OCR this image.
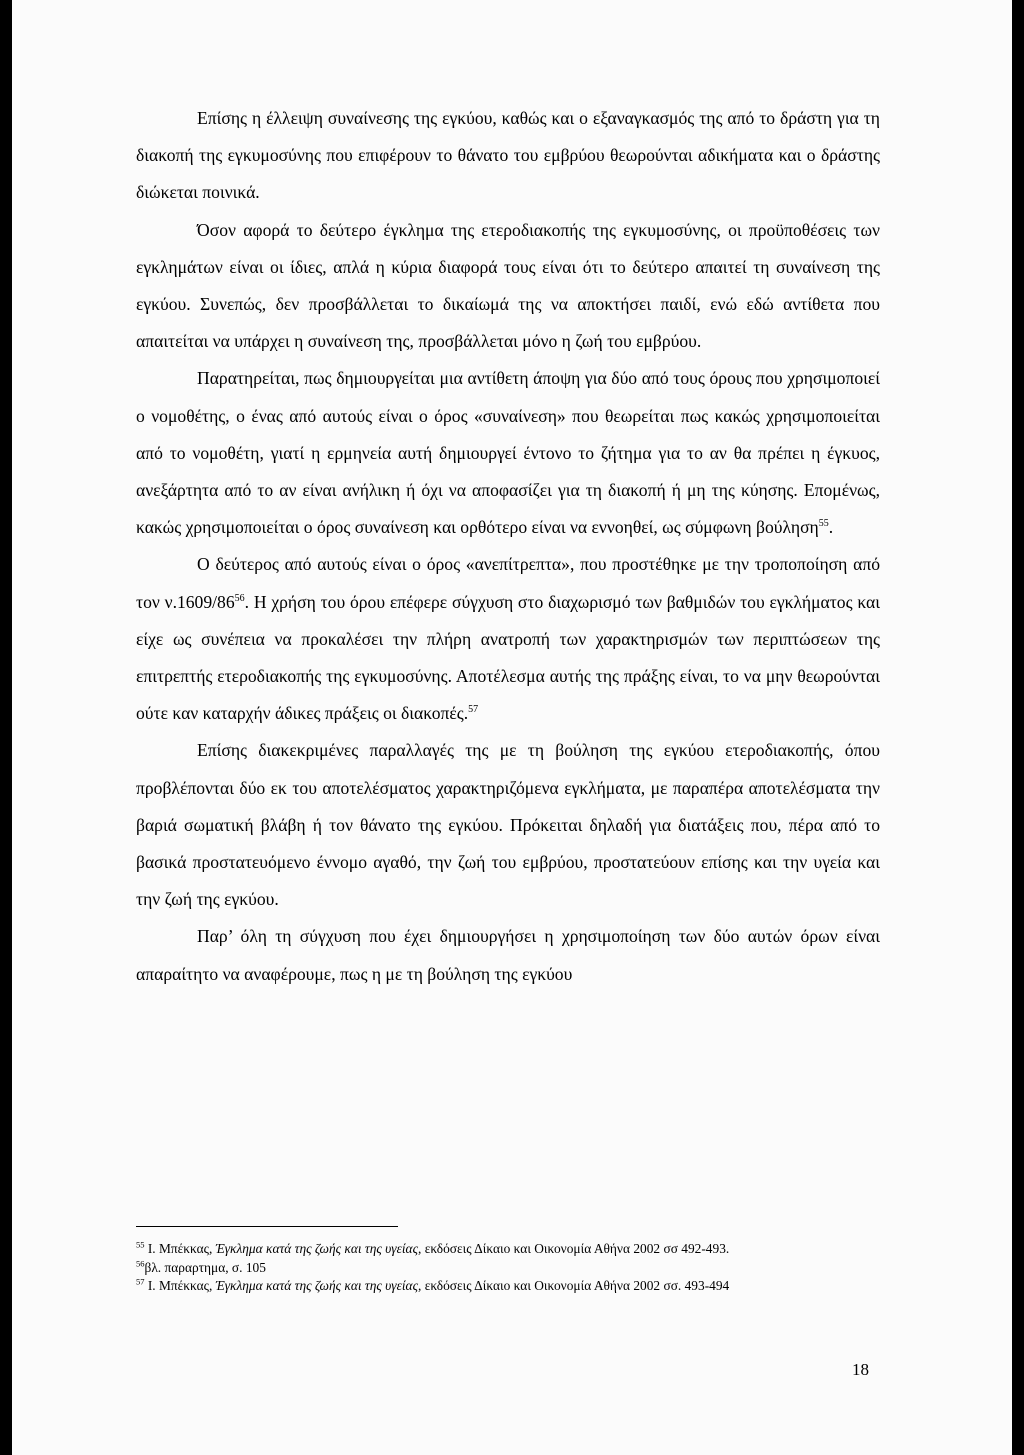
Επίσης η έλλειψη συναίνεσης της εγκύου, καθώς και ο εξαναγκασμός της από το δράστη για τη διακοπή της εγκυμοσύνης που επιφέρουν το θάνατο του εμβρύου θεωρούνται αδικήματα και ο δράστης διώκεται ποινικά.

Όσον αφορά το δεύτερο έγκλημα της ετεροδιακοπής της εγκυμοσύνης, οι προϋποθέσεις των εγκλημάτων είναι οι ίδιες, απλά η κύρια διαφορά τους είναι ότι το δεύτερο απαιτεί τη συναίνεση της εγκύου. Συνεπώς, δεν προσβάλλεται το δικαίωμά της να αποκτήσει παιδί, ενώ εδώ αντίθετα που απαιτείται να υπάρχει η συναίνεση της, προσβάλλεται μόνο η ζωή του εμβρύου.

Παρατηρείται, πως δημιουργείται μια αντίθετη άποψη για δύο από τους όρους που χρησιμοποιεί ο νομοθέτης, ο ένας από αυτούς είναι ο όρος «συναίνεση» που θεωρείται πως κακώς χρησιμοποιείται από το νομοθέτη, γιατί η ερμηνεία αυτή δημιουργεί έντονο το ζήτημα για το αν θα πρέπει η έγκυος, ανεξάρτητα από το αν είναι ανήλικη ή όχι να αποφασίζει για τη διακοπή ή μη της κύησης. Επομένως, κακώς χρησιμοποιείται ο όρος συναίνεση και ορθότερο είναι να εννοηθεί, ως σύμφωνη βούληση$^{55}$.

Ο δεύτερος από αυτούς είναι ο όρος «ανεπίτρεπτα», που προστέθηκε με την τροποποίηση από τον $\nu.1609/86^{56}$. Η χρήση του όρου επέφερε σύγχυση στο διαχωρισμό των βαθμιδών του εγκλήματος και είχε ως συνέπεια να προκαλέσει την πλήρη ανατροπή των χαρακτηρισμών των περιπτώσεων της επιτρεπτής ετεροδιακοπής της εγκυμοσύνης. Αποτέλεσμα αυτής της πράξης είναι, το να μην θεωρούνται ούτε καν καταρχήν άδικες πράξεις οι διακοπές.$^{57}$

Επίσης διακεκριμένες παραλλαγές της με τη βούληση της εγκύου ετεροδιακοπής, όπου προβλέπονται δύο εκ του αποτελέσματος χαρακτηριζόμενα εγκλήματα, με παραπέρα αποτελέσματα την βαριά σωματική βλάβη ή τον θάνατο της εγκύου. Πρόκειται δηλαδή για διατάξεις που, πέρα από το βασικά προστατευόμενο έννομο αγαθό, την ζωή του εμβρύου, προστατεύουν επίσης και την υγεία και την ζωή της εγκύου.

Παρ’ όλη τη σύγχυση που έχει δημιουργήσει η χρησιμοποίηση των δύο αυτών όρων είναι απαραίτητο να αναφέρουμε, πως η με τη βούληση της εγκύου

$^{55}$ Ι. Μπέκκας, Έγκλημα κατά της ζωής και της υγείας, εκδόσεις Δίκαιο και Οικονομία Αθήνα 2002 σσ 492-493.

$^{56}$βλ. παραρτημα, σ. 105

$^{57}$ Ι. Μπέκκας, Έγκλημα κατά της ζωής και της υγείας, εκδόσεις Δίκαιο και Οικονομία Αθήνα 2002 σσ. 493-494

18
